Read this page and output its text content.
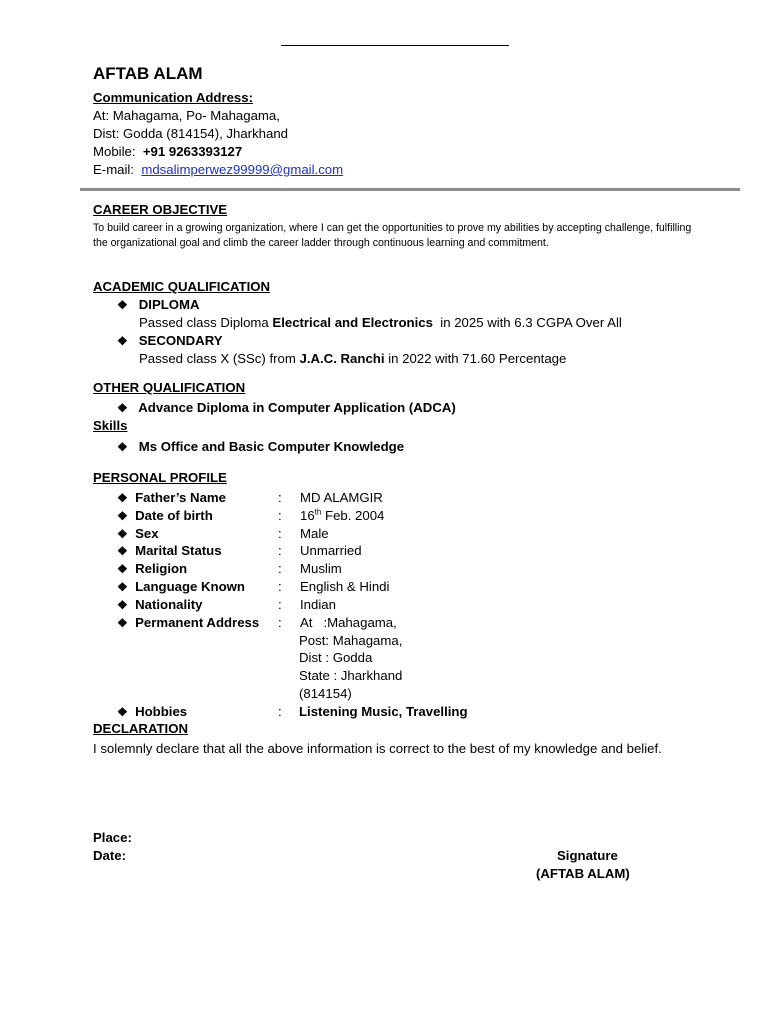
AFTAB ALAM
Communication Address:
At: Mahagama, Po- Mahagama,
Dist: Godda (814154), Jharkhand
Mobile: +91 9263393127
E-mail: mdsalimperwez99999@gmail.com
CAREER OBJECTIVE
To build career in a growing organization, where I can get the opportunities to prove my abilities by accepting challenge, fulfilling the organizational goal and climb the career ladder through continuous learning and commitment.
ACADEMIC QUALIFICATION
❖ DIPLOMA
Passed class Diploma Electrical and Electronics in 2025 with 6.3 CGPA Over All
❖ SECONDARY
Passed class X (SSc) from J.A.C. Ranchi in 2022 with 71.60 Percentage
OTHER QUALIFICATION
❖ Advance Diploma in Computer Application (ADCA)
Skills
❖ Ms Office and Basic Computer Knowledge
PERSONAL PROFILE
❖ Father’s Name	: MD ALAMGIR
❖ Date of birth	: 16th Feb. 2004
❖ Sex	: Male
❖ Marital Status	: Unmarried
❖ Religion	: Muslim
❖ Language Known	: English & Hindi
❖ Nationality	: Indian
❖ Permanent Address : At   :Mahagama,
Post: Mahagama,
Dist : Godda
State : Jharkhand
(814154)
❖ Hobbies	: Listening Music, Travelling
DECLARATION
I solemnly declare that all the above information is correct to the best of my knowledge and belief.
Place:
Date:	Signature
(AFTAB ALAM)
